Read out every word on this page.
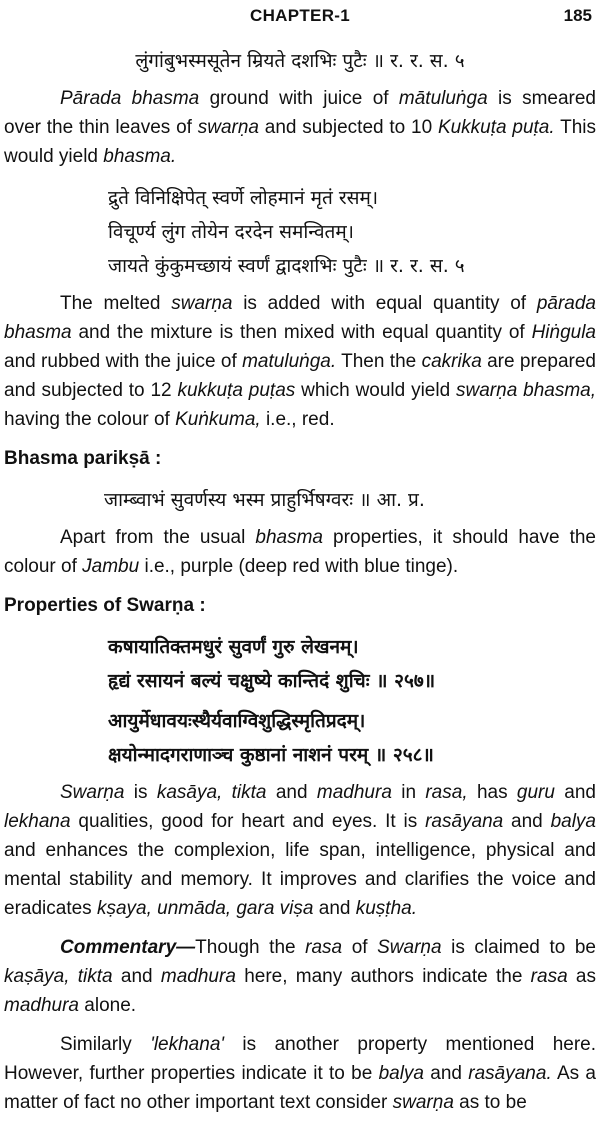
CHAPTER-1	185

लुंगांबुभस्मसूतेन म्रियते दशभिः पुटैः ॥ र. र. स. ५

Pārada bhasma ground with juice of mātuluṅga is smeared over the thin leaves of swarṇa and subjected to 10 Kukkuṭa puṭa. This would yield bhasma.

द्रुते विनिक्षिपेत् स्वर्णे लोहमानं मृतं रसम्।

विचूर्ण्य लुंग तोयेन दरदेन समन्वितम्।

जायते कुंकुमच्छायं स्वर्णं द्वादशभिः पुटैः ॥ र. र. स. ५

The melted swarṇa is added with equal quantity of pārada bhasma and the mixture is then mixed with equal quantity of Hiṅgula and rubbed with the juice of matuluṅga. Then the cakrika are prepared and subjected to 12 kukkuṭa puṭas which would yield swarṇa bhasma, having the colour of Kuṅkuma, i.e., red.

Bhasma parikṣā :

जाम्ब्वाभं सुवर्णस्य भस्म प्राहुर्भिषग्वरः ॥ आ. प्र.

Apart from the usual bhasma properties, it should have the colour of Jambu i.e., purple (deep red with blue tinge).

Properties of Swarṇa :

कषायातिक्तमधुरं सुवर्णं गुरु लेखनम्।

हृद्यं रसायनं बल्यं चक्षुष्ये कान्तिदं शुचिः ॥ २५७॥

आयुर्मेधावयःस्थैर्यवाग्विशुद्धिस्मृतिप्रदम्।

क्षयोन्मादगराणाञ्च कुष्ठानां नाशनं परम् ॥ २५८॥

Swarṇa is kasāya, tikta and madhura in rasa, has guru and lekhana qualities, good for heart and eyes. It is rasāyana and balya and enhances the complexion, life span, intelligence, physical and mental stability and memory. It improves and clarifies the voice and eradicates kṣaya, unmāda, gara viṣa and kuṣṭha.

Commentary—Though the rasa of Swarṇa is claimed to be kaṣāya, tikta and madhura here, many authors indicate the rasa as madhura alone.

Similarly 'lekhana' is another property mentioned here. However, further properties indicate it to be balya and rasāyana. As a matter of fact no other important text consider swarṇa as to be
